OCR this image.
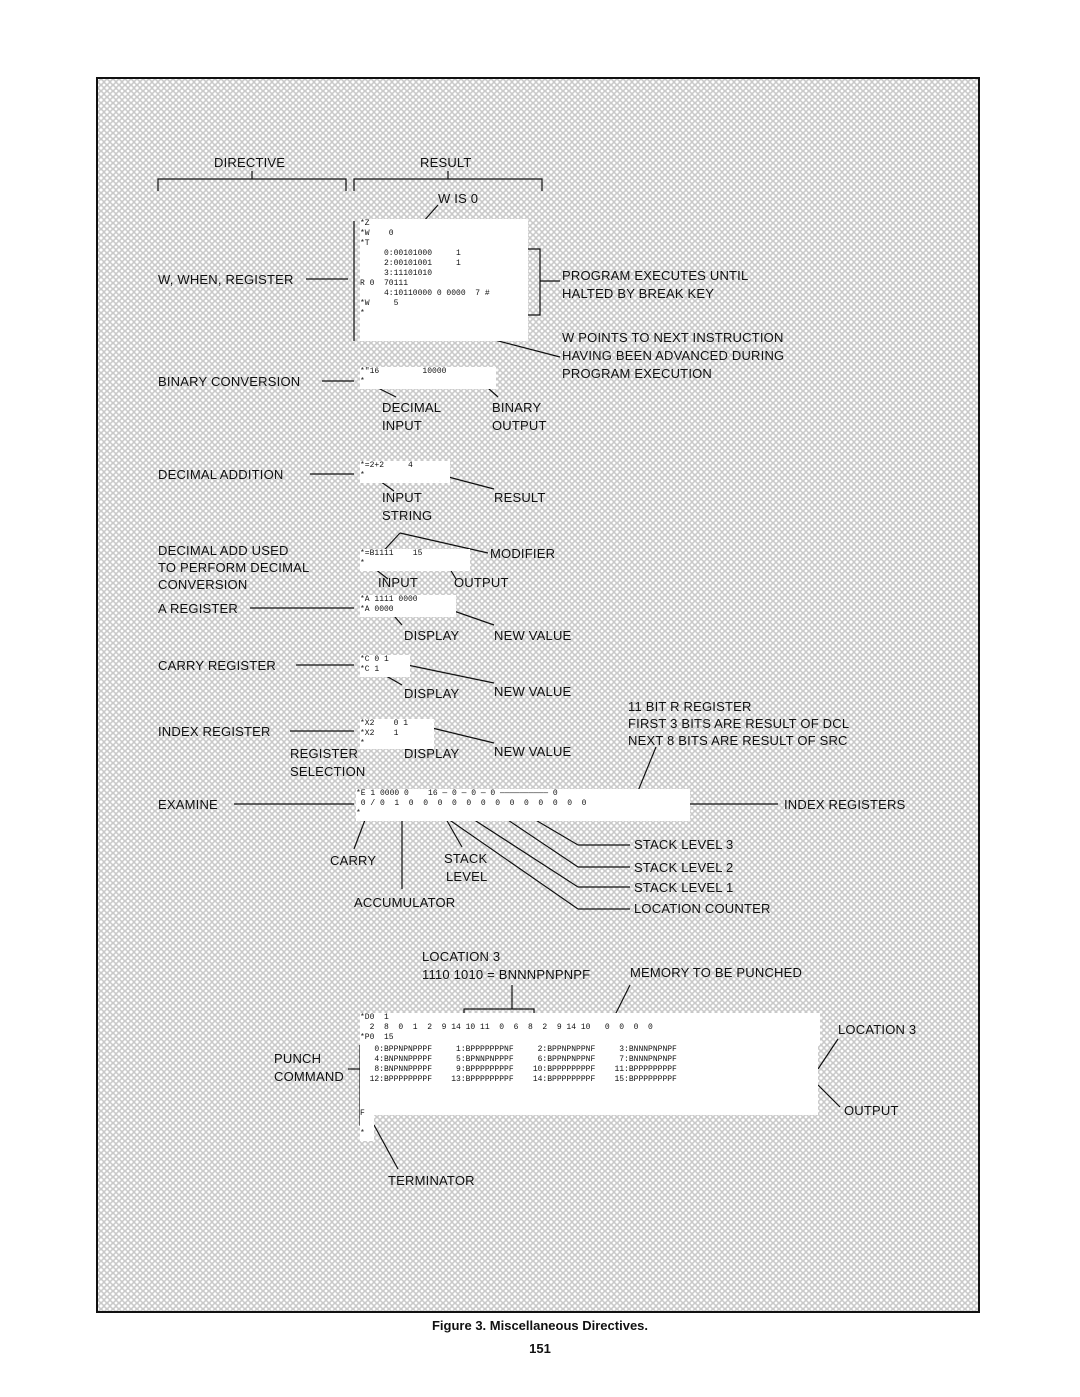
DIRECTIVE	RESULT
W IS 0
*Z
*W    0
*T
0:00101000     1
2:00101001     1
3:11101010
R 0  70111
4:10110000 0 0000  7 #
*W     5
*
W, WHEN, REGISTER	PROGRAM EXECUTES UNTIL
HALTED BY BREAK KEY
W POINTS TO NEXT INSTRUCTION
HAVING BEEN ADVANCED DURING
PROGRAM EXECUTION
*"16         10000
*
BINARY CONVERSION
DECIMAL
INPUT
BINARY
OUTPUT
*=2+2     4
*
DECIMAL ADDITION
INPUT
STRING
RESULT
DECIMAL ADD USED
TO PERFORM DECIMAL
CONVERSION
*=B1111    15
*
MODIFIER
INPUT	OUTPUT
*A 1111 0000
*A 0000
A REGISTER
DISPLAY	NEW VALUE
*C 0 1
*C 1
CARRY REGISTER
DISPLAY	NEW VALUE
*X2    0 1
*X2    1
*
INDEX REGISTER
REGISTER
SELECTION
DISPLAY	NEW VALUE
11 BIT R REGISTER
FIRST 3 BITS ARE RESULT OF DCL
NEXT 8 BITS ARE RESULT OF SRC
*E 1 0000 0    16 — 0 — 0 — 0 —————————— 0
0 / 0  1  0  0  0  0  0  0  0  0  0  0  0  0  0
*
EXAMINE	INDEX REGISTERS
STACK LEVEL 3
STACK LEVEL 2
STACK LEVEL 1
LOCATION COUNTER
CARRY	STACK
LEVEL
ACCUMULATOR
LOCATION 3
1110 1010 = BNNNPNPNPF	MEMORY TO BE PUNCHED
*D0  1
2  8  0  1  2  9 14 10 11  0  6  8  2  9 14 10   0  0  0  0
*P0  15
0:BPPNPNPPPF     1:BPPPPPPPNF     2:BPPNPNPPNF     3:BNNNPNPNPF
4:BNPNNPPPPF     5:BPNNPNPPPF     6:BPPNPNPPNF     7:BNNNPNPNPF
8:BNPNNPPPPF     9:BPPPPPPPPF    10:BPPPPPPPPF    11:BPPPPPPPPF
12:BPPPPPPPPF    13:BPPPPPPPPF    14:BPPPPPPPPF    15:BPPPPPPPPF
F

*
PUNCH
COMMAND
LOCATION 3
OUTPUT
TERMINATOR
Figure 3. Miscellaneous Directives.
151
